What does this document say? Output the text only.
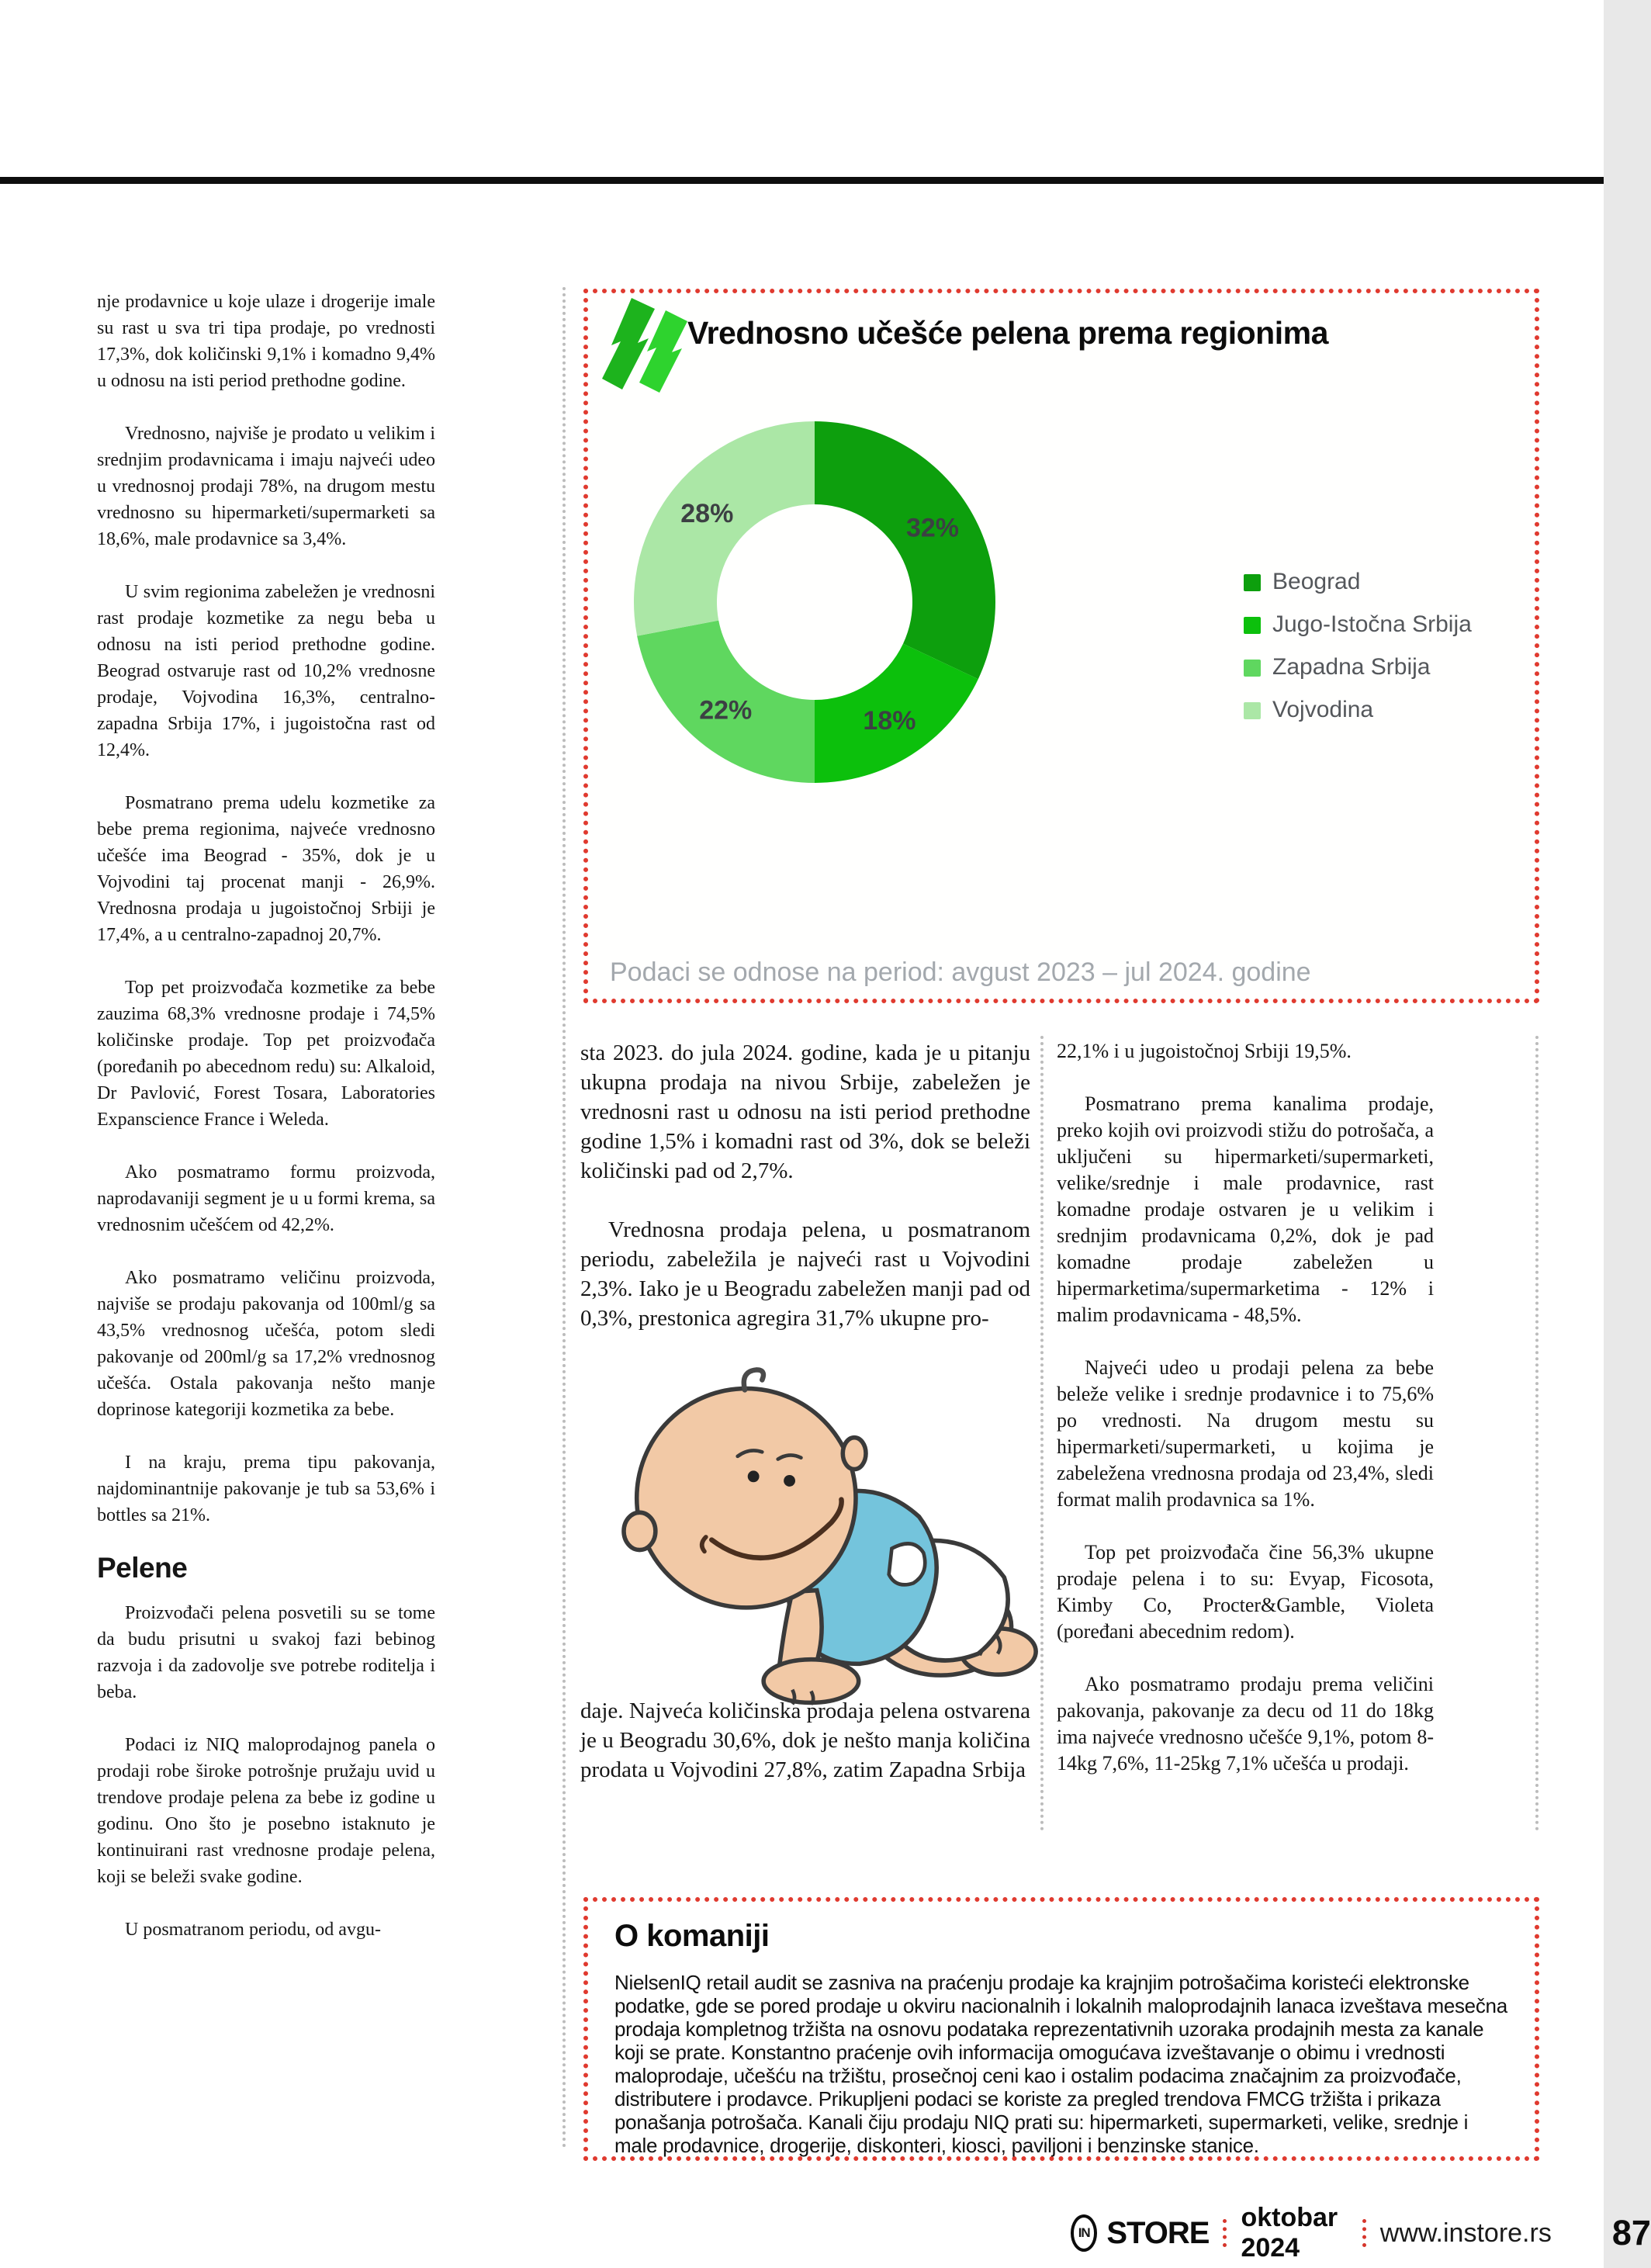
nje prodavnice u koje ulaze i drogerije imale su rast u sva tri tipa prodaje, po vrednosti 17,3%, dok količinski 9,1% i komadno 9,4% u odnosu na isti period prethodne godine.

Vrednosno, najviše je prodato u velikim i srednjim prodavnicama i imaju najveći udeo u vrednosnoj prodaji 78%, na drugom mestu vrednosno su hipermarketi/supermarketi sa 18,6%, male prodavnice sa 3,4%.

U svim regionima zabeležen je vrednosni rast prodaje kozmetike za negu beba u odnosu na isti period prethodne godine. Beograd ostvaruje rast od 10,2% vrednosne prodaje, Vojvodina 16,3%, centralno-zapadna Srbija 17%, i jugoistočna rast od 12,4%.

Posmatrano prema udelu kozmetike za bebe prema regionima, najveće vrednosno učešće ima Beograd - 35%, dok je u Vojvodini taj procenat manji - 26,9%. Vrednosna prodaja u jugoistočnoj Srbiji je 17,4%, a u centralno-zapadnoj 20,7%.

Top pet proizvođača kozmetike za bebe zauzima 68,3% vrednosne prodaje i 74,5% količinske prodaje. Top pet proizvođača (poređanih po abecednom redu) su: Alkaloid, Dr Pavlović, Forest Tosara, Laboratories Expanscience France i Weleda.

Ako posmatramo formu proizvoda, naprodavaniji segment je u u formi krema, sa vrednosnim učešćem od 42,2%.

Ako posmatramo veličinu proizvoda, najviše se prodaju pakovanja od 100ml/g sa 43,5% vrednosnog učešća, potom sledi pakovanje od 200ml/g sa 17,2% vrednosnog učešća. Ostala pakovanja nešto manje doprinose kategoriji kozmetika za bebe.

I na kraju, prema tipu pakovanja, najdominantnije pakovanje je tub sa 53,6% i bottles sa 21%.

Pelene

Proizvođači pelena posvetili su se tome da budu prisutni u svakoj fazi bebinog razvoja i da zadovolje sve potrebe roditelja i beba.

Podaci iz NIQ maloprodajnog panela o prodaji robe široke potrošnje pružaju uvid u trendove prodaje pelena za bebe iz godine u godinu. Ono što je posebno istaknuto je kontinuirani rast vrednosne prodaje pelena, koji se beleži svake godine.

U posmatranom periodu, od avgu-

32%
18%
22%
28%
Beograd
Jugo-Istočna Srbija
Zapadna Srbija
Vojvodina
Vrednosno učešće pelena prema regionima
Podaci se odnose na period: avgust 2023 – jul 2024. godine

sta 2023. do jula 2024. godine, kada je u pitanju ukupna prodaja na nivou Srbije, zabeležen je vrednosni rast u odnosu na isti period prethodne godine 1,5% i komadni rast od 3%, dok se beleži količinski pad od 2,7%.

Vrednosna prodaja pelena, u posmatranom periodu, zabeležila je najveći rast u Vojvodini 2,3%. Iako je u Beogradu zabeležen manji pad od 0,3%, prestonica agregira 31,7% ukupne pro-

daje. Najveća količinska prodaja pelena ostvarena je u Beogradu 30,6%, dok je nešto manja količina prodata u Vojvodini 27,8%, zatim Zapadna Srbija

22,1% i u jugoistočnoj Srbiji 19,5%.

Posmatrano prema kanalima prodaje, preko kojih ovi proizvodi stižu do potrošača, a uključeni su hipermarketi/supermarketi, velike/srednje i male prodavnice, rast komadne prodaje ostvaren je u velikim i srednjim prodavnicama 0,2%, dok je pad komadne prodaje zabeležen u hipermarketima/supermarketima - 12% i malim prodavnicama - 48,5%.

Najveći udeo u prodaji pelena za bebe beleže velike i srednje prodavnice i to 75,6% po vrednosti. Na drugom mestu su hipermarketi/supermarketi, u kojima je zabeležena vrednosna prodaja od 23,4%, sledi format malih prodavnica sa 1%.

Top pet proizvođača čine 56,3% ukupne prodaje pelena i to su: Evyap, Ficosota, Kimby Co, Procter&Gamble, Violeta (poređani abecednim redom).

Ako posmatramo prodaju prema veličini pakovanja, pakovanje za decu od 11 do 18kg ima najveće vrednosno učešće 9,1%, potom 8-14kg 7,6%, 11-25kg 7,1% učešća u prodaji.

O komaniji
NielsenIQ retail audit se zasniva na praćenju prodaje ka krajnjim potrošačima koristeći elektronske podatke, gde se pored prodaje u okviru nacionalnih i lokalnih maloprodajnih lanaca izveštava mesečna prodaja kompletnog tržišta na osnovu podataka reprezentativnih uzoraka prodajnih mesta za kanale koji se prate. Konstantno praćenje ovih informacija omogućava izveštavanje o obimu i vrednosti maloprodaje, učešću na tržištu, prosečnoj ceni kao i ostalim podacima značajnim za proizvođače, distributere i prodavce. Prikupljeni podaci se koriste za pregled trendova FMCG tržišta i prikaza ponašanja potrošača. Kanali čiju prodaju NIQ prati su: hipermarketi, supermarketi, velike, srednje i male prodavnice, drogerije, diskonteri, kiosci, paviljoni i benzinske stanice.
IN STORE oktobar 2024
www.instore.rs 87
